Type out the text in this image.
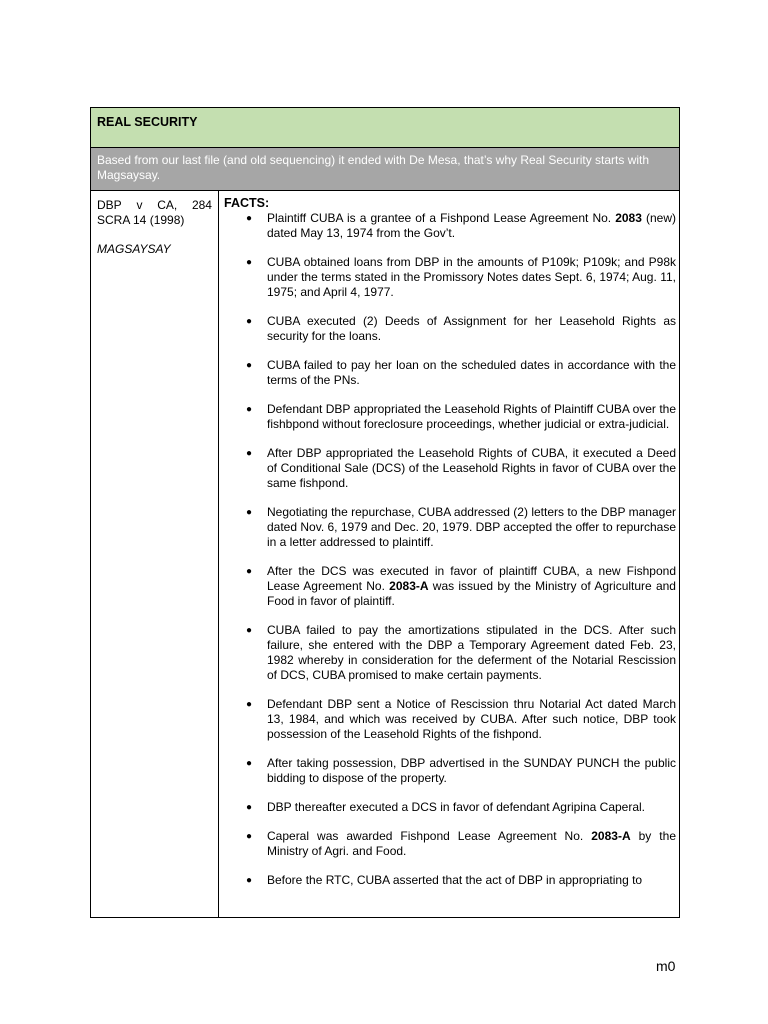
REAL SECURITY
Based from our last file (and old sequencing) it ended with De Mesa, that’s why Real Security starts with Magsaysay.
DBP v CA, 284
SCRA 14 (1998)
MAGSAYSAY
FACTS:
● Plaintiff CUBA is a grantee of a Fishpond Lease Agreement No. 2083 (new) dated May 13, 1974 from the Gov’t.
● CUBA obtained loans from DBP in the amounts of P109k; P109k; and P98k under the terms stated in the Promissory Notes dates Sept. 6, 1974; Aug. 11, 1975; and April 4, 1977.
● CUBA executed (2) Deeds of Assignment for her Leasehold Rights as security for the loans.
● CUBA failed to pay her loan on the scheduled dates in accordance with the terms of the PNs.
● Defendant DBP appropriated the Leasehold Rights of Plaintiff CUBA over the fishbpond without foreclosure proceedings, whether judicial or extra-judicial.
● After DBP appropriated the Leasehold Rights of CUBA, it executed a Deed of Conditional Sale (DCS) of the Leasehold Rights in favor of CUBA over the same fishpond.
● Negotiating the repurchase, CUBA addressed (2) letters to the DBP manager dated Nov. 6, 1979 and Dec. 20, 1979. DBP accepted the offer to repurchase in a letter addressed to plaintiff.
● After the DCS was executed in favor of plaintiff CUBA, a new Fishpond Lease Agreement No. 2083-A was issued by the Ministry of Agriculture and Food in favor of plaintiff.
● CUBA failed to pay the amortizations stipulated in the DCS. After such failure, she entered with the DBP a Temporary Agreement dated Feb. 23, 1982 whereby in consideration for the deferment of the Notarial Rescission of DCS, CUBA promised to make certain payments.
● Defendant DBP sent a Notice of Rescission thru Notarial Act dated March 13, 1984, and which was received by CUBA. After such notice, DBP took possession of the Leasehold Rights of the fishpond.
● After taking possession, DBP advertised in the SUNDAY PUNCH the public bidding to dispose of the property.
● DBP thereafter executed a DCS in favor of defendant Agripina Caperal.
● Caperal was awarded Fishpond Lease Agreement No. 2083-A by the Ministry of Agri. and Food.
● Before the RTC, CUBA asserted that the act of DBP in appropriating to
m0
